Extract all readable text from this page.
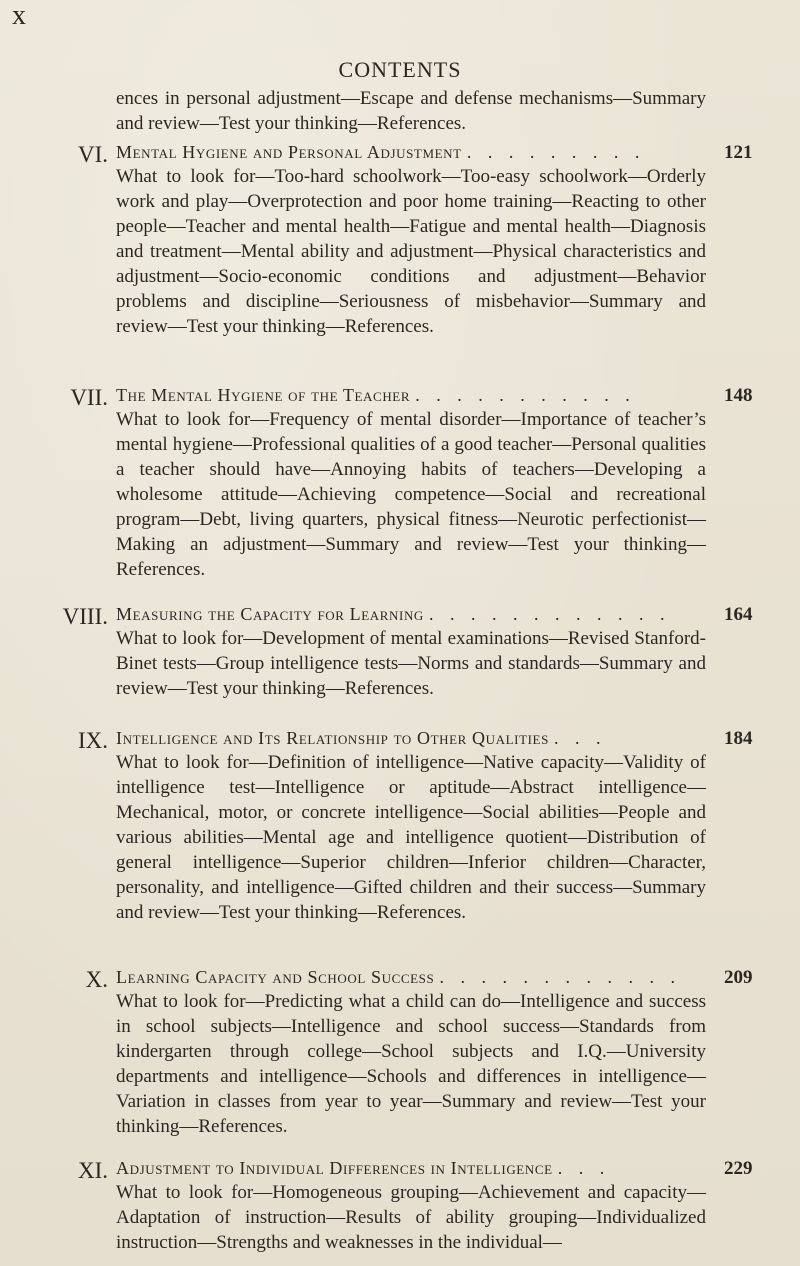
x
CONTENTS
ences in personal adjustment—Escape and defense mechanisms—Summary and review—Test your thinking—References.
VI. Mental Hygiene and Personal Adjustment . . . . . . . . .	121
What to look for—Too-hard schoolwork—Too-easy schoolwork—Orderly work and play—Overprotection and poor home training—Reacting to other people—Teacher and mental health—Fatigue and mental health—Diagnosis and treatment—Mental ability and adjustment—Physical characteristics and adjustment—Socio-economic conditions and adjustment—Behavior problems and discipline—Seriousness of misbehavior—Summary and review—Test your thinking—References.
VII. The Mental Hygiene of the Teacher . . . . . . . . . . .	148
What to look for—Frequency of mental disorder—Importance of teacher’s mental hygiene—Professional qualities of a good teacher—Personal qualities a teacher should have—Annoying habits of teachers—Developing a wholesome attitude—Achieving competence—Social and recreational program—Debt, living quarters, physical fitness—Neurotic perfectionist—Making an adjustment—Summary and review—Test your thinking—References.
VIII. Measuring the Capacity for Learning . . . . . . . . . . . .	164
What to look for—Development of mental examinations—Revised Stanford-Binet tests—Group intelligence tests—Norms and standards—Summary and review—Test your thinking—References.
IX. Intelligence and Its Relationship to Other Qualities . . .	184
What to look for—Definition of intelligence—Native capacity—Validity of intelligence test—Intelligence or aptitude—Abstract intelligence—Mechanical, motor, or concrete intelligence—Social abilities—People and various abilities—Mental age and intelligence quotient—Distribution of general intelligence—Superior children—Inferior children—Character, personality, and intelligence—Gifted children and their success—Summary and review—Test your thinking—References.
X. Learning Capacity and School Success . . . . . . . . . . . .	209
What to look for—Predicting what a child can do—Intelligence and success in school subjects—Intelligence and school success—Standards from kindergarten through college—School subjects and I.Q.—University departments and intelligence—Schools and differences in intelligence—Variation in classes from year to year—Summary and review—Test your thinking—References.
XI. Adjustment to Individual Differences in Intelligence . . .	229
What to look for—Homogeneous grouping—Achievement and capacity—Adaptation of instruction—Results of ability grouping—Individualized instruction—Strengths and weaknesses in the individual—
